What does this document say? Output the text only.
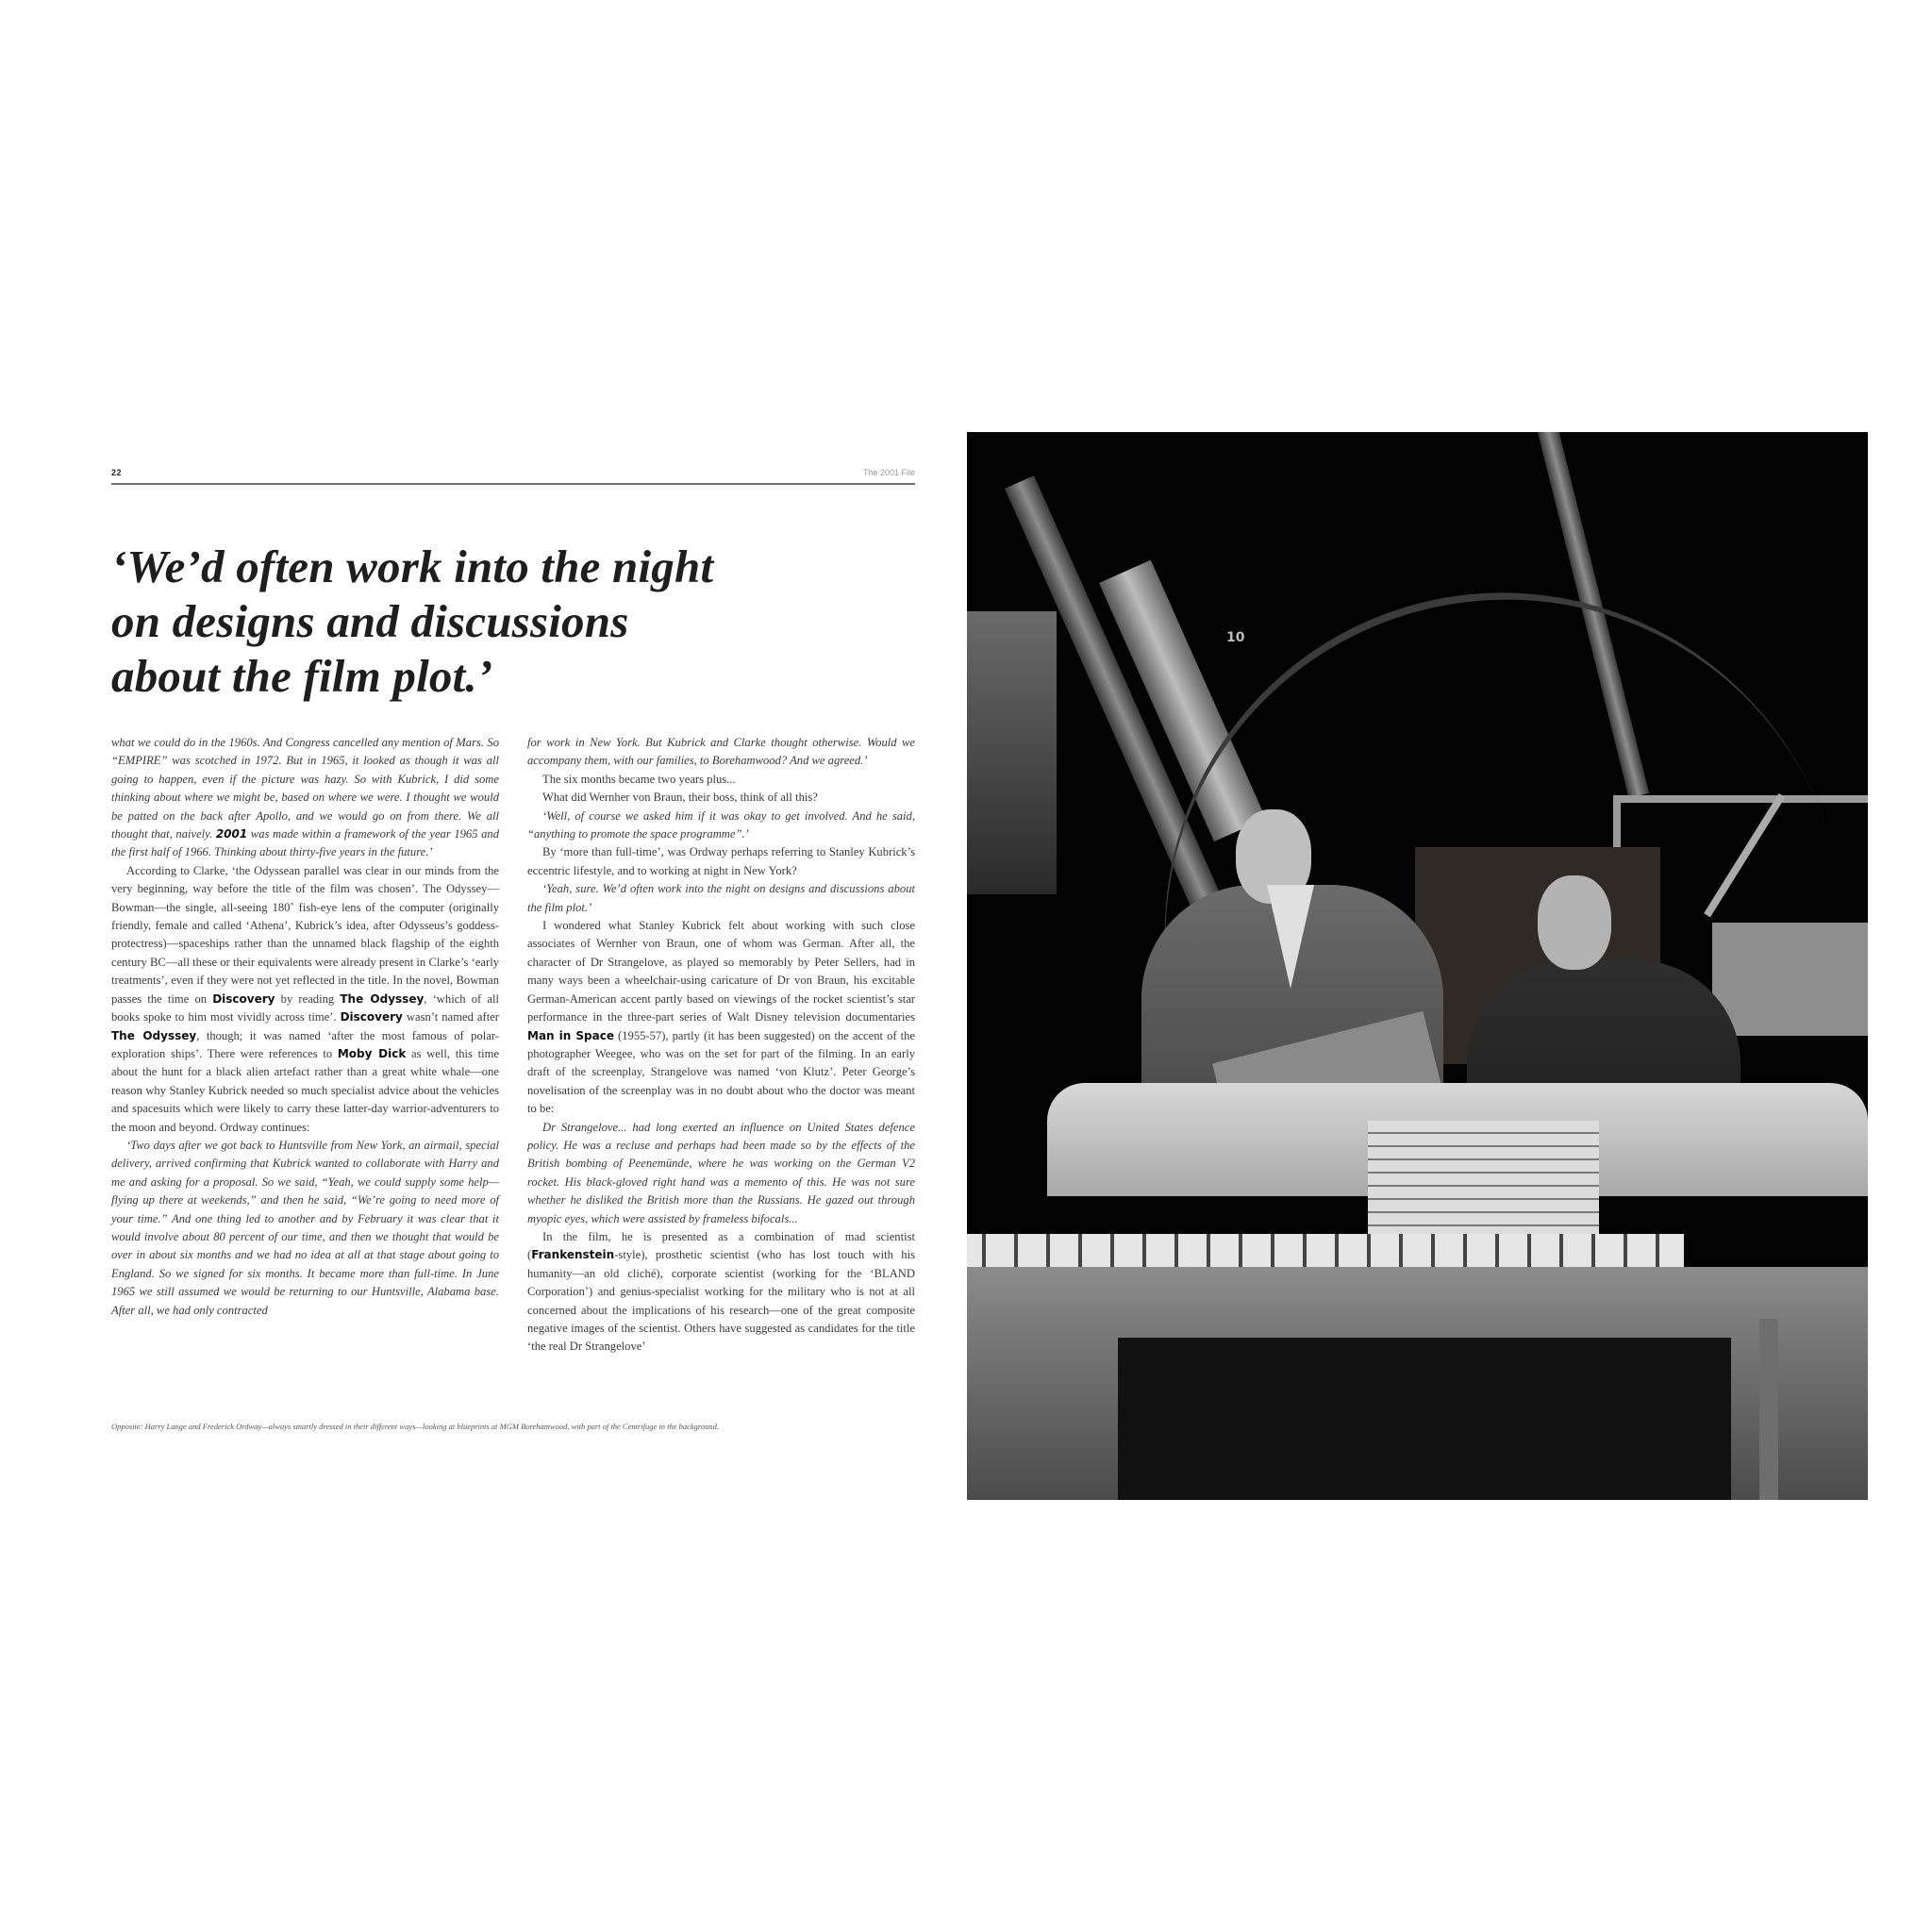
22	The 2001 File
‘We’d often work into the night
on designs and discussions
about the film plot.’

what we could do in the 1960s. And Congress cancelled any mention of Mars. So “EMPIRE” was scotched in 1972. But in 1965, it looked as though it was all going to happen, even if the picture was hazy. So with Kubrick, I did some thinking about where we might be, based on where we were. I thought we would be patted on the back after Apollo, and we would go on from there. We all thought that, naively. 2001 was made within a framework of the year 1965 and the first half of 1966. Thinking about thirty-five years in the future.’

According to Clarke, ‘the Odyssean parallel was clear in our minds from the very beginning, way before the title of the film was chosen’. The Odyssey—Bowman—the single, all-seeing 180˚ fish-eye lens of the computer (originally friendly, female and called ‘Athena’, Kubrick’s idea, after Odysseus’s goddess-protectress)—spaceships rather than the unnamed black flagship of the eighth century BC—all these or their equivalents were already present in Clarke’s ‘early treatments’, even if they were not yet reflected in the title. In the novel, Bowman passes the time on Discovery by reading The Odyssey, ‘which of all books spoke to him most vividly across time’. Discovery wasn’t named after The Odyssey, though; it was named ‘after the most famous of polar-exploration ships’. There were references to Moby Dick as well, this time about the hunt for a black alien artefact rather than a great white whale—one reason why Stanley Kubrick needed so much specialist advice about the vehicles and spacesuits which were likely to carry these latter-day warrior-adventurers to the moon and beyond. Ordway continues:

‘Two days after we got back to Huntsville from New York, an airmail, special delivery, arrived confirming that Kubrick wanted to collaborate with Harry and me and asking for a proposal. So we said, “Yeah, we could supply some help—flying up there at weekends,” and then he said, “We’re going to need more of your time.” And one thing led to another and by February it was clear that it would involve about 80 percent of our time, and then we thought that would be over in about six months and we had no idea at all at that stage about going to England. So we signed for six months. It became more than full-time. In June 1965 we still assumed we would be returning to our Huntsville, Alabama base. After all, we had only contracted

for work in New York. But Kubrick and Clarke thought otherwise. Would we accompany them, with our families, to Borehamwood? And we agreed.’

The six months became two years plus...

What did Wernher von Braun, their boss, think of all this?

‘Well, of course we asked him if it was okay to get involved. And he said, “anything to promote the space programme”.’

By ‘more than full-time’, was Ordway perhaps referring to Stanley Kubrick’s eccentric lifestyle, and to working at night in New York?

‘Yeah, sure. We’d often work into the night on designs and discussions about the film plot.’

I wondered what Stanley Kubrick felt about working with such close associates of Wernher von Braun, one of whom was German. After all, the character of Dr Strangelove, as played so memorably by Peter Sellers, had in many ways been a wheelchair-using caricature of Dr von Braun, his excitable German-American accent partly based on viewings of the rocket scientist’s star performance in the three-part series of Walt Disney television documentaries Man in Space (1955-57), partly (it has been suggested) on the accent of the photographer Weegee, who was on the set for part of the filming. In an early draft of the screenplay, Strangelove was named ‘von Klutz’. Peter George’s novelisation of the screenplay was in no doubt about who the doctor was meant to be:

Dr Strangelove... had long exerted an influence on United States defence policy. He was a recluse and perhaps had been made so by the effects of the British bombing of Peenemünde, where he was working on the German V2 rocket. His black-gloved right hand was a memento of this. He was not sure whether he disliked the British more than the Russians. He gazed out through myopic eyes, which were assisted by frameless bifocals...

In the film, he is presented as a combination of mad scientist (Frankenstein-style), prosthetic scientist (who has lost touch with his humanity—an old cliché), corporate scientist (working for the ‘BLAND Corporation’) and genius-specialist working for the military who is not at all concerned about the implications of his research—one of the great composite negative images of the scientist. Others have suggested as candidates for the title ‘the real Dr Strangelove’

Opposite: Harry Lange and Frederick Ordway—always smartly dressed in their different ways—looking at blueprints at MGM Borehamwood, with part of the Centrifuge in the background.
10
